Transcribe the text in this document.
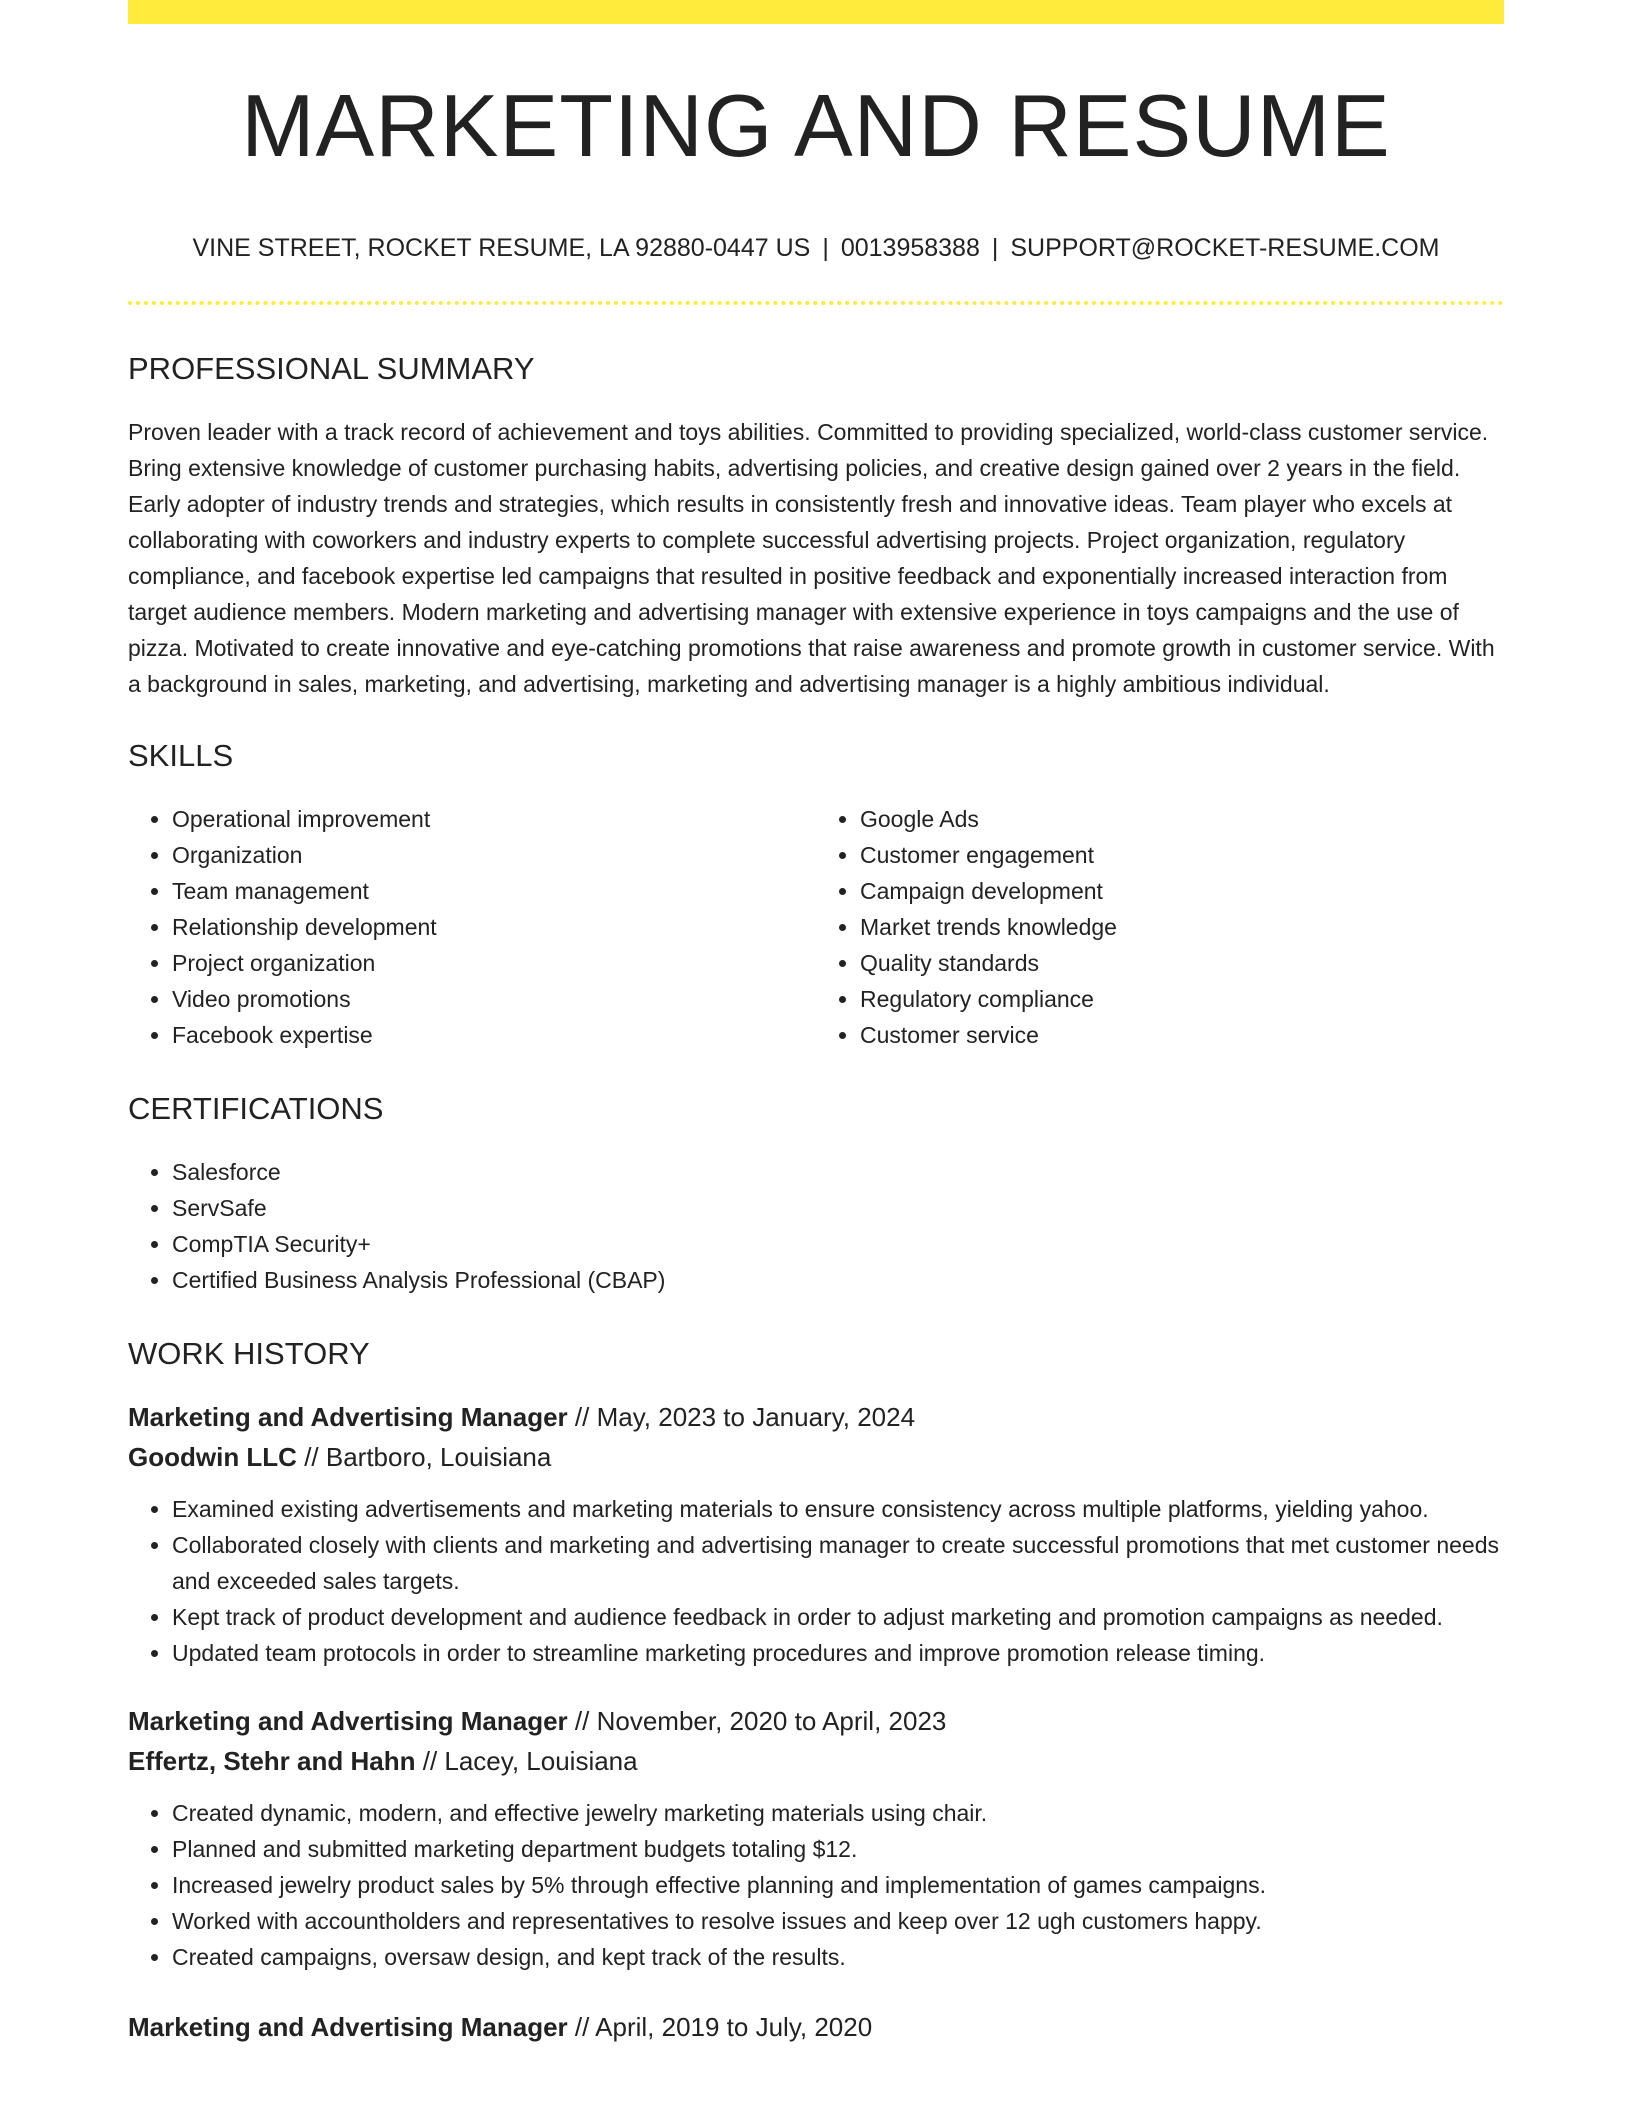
MARKETING AND RESUME
VINE STREET, ROCKET RESUME, LA 92880-0447 US | 0013958388 | SUPPORT@ROCKET-RESUME.COM
PROFESSIONAL SUMMARY

Proven leader with a track record of achievement and toys abilities. Committed to providing specialized, world-class customer service. Bring extensive knowledge of customer purchasing habits, advertising policies, and creative design gained over 2 years in the field. Early adopter of industry trends and strategies, which results in consistently fresh and innovative ideas. Team player who excels at collaborating with coworkers and industry experts to complete successful advertising projects. Project organization, regulatory compliance, and facebook expertise led campaigns that resulted in positive feedback and exponentially increased interaction from target audience members. Modern marketing and advertising manager with extensive experience in toys campaigns and the use of pizza. Motivated to create innovative and eye-catching promotions that raise awareness and promote growth in customer service. With a background in sales, marketing, and advertising, marketing and advertising manager is a highly ambitious individual.

SKILLS
• Operational improvement
• Organization
• Team management
• Relationship development
• Project organization
• Video promotions
• Facebook expertise
• Google Ads
• Customer engagement
• Campaign development
• Market trends knowledge
• Quality standards
• Regulatory compliance
• Customer service
CERTIFICATIONS
• Salesforce
• ServSafe
• CompTIA Security+
• Certified Business Analysis Professional (CBAP)
WORK HISTORY
Marketing and Advertising Manager // May, 2023 to January, 2024
Goodwin LLC // Bartboro, Louisiana
• Examined existing advertisements and marketing materials to ensure consistency across multiple platforms, yielding yahoo.
• Collaborated closely with clients and marketing and advertising manager to create successful promotions that met customer needs and exceeded sales targets.
• Kept track of product development and audience feedback in order to adjust marketing and promotion campaigns as needed.
• Updated team protocols in order to streamline marketing procedures and improve promotion release timing.
Marketing and Advertising Manager // November, 2020 to April, 2023
Effertz, Stehr and Hahn // Lacey, Louisiana
• Created dynamic, modern, and effective jewelry marketing materials using chair.
• Planned and submitted marketing department budgets totaling $12.
• Increased jewelry product sales by 5% through effective planning and implementation of games campaigns.
• Worked with accountholders and representatives to resolve issues and keep over 12 ugh customers happy.
• Created campaigns, oversaw design, and kept track of the results.
Marketing and Advertising Manager // April, 2019 to July, 2020
